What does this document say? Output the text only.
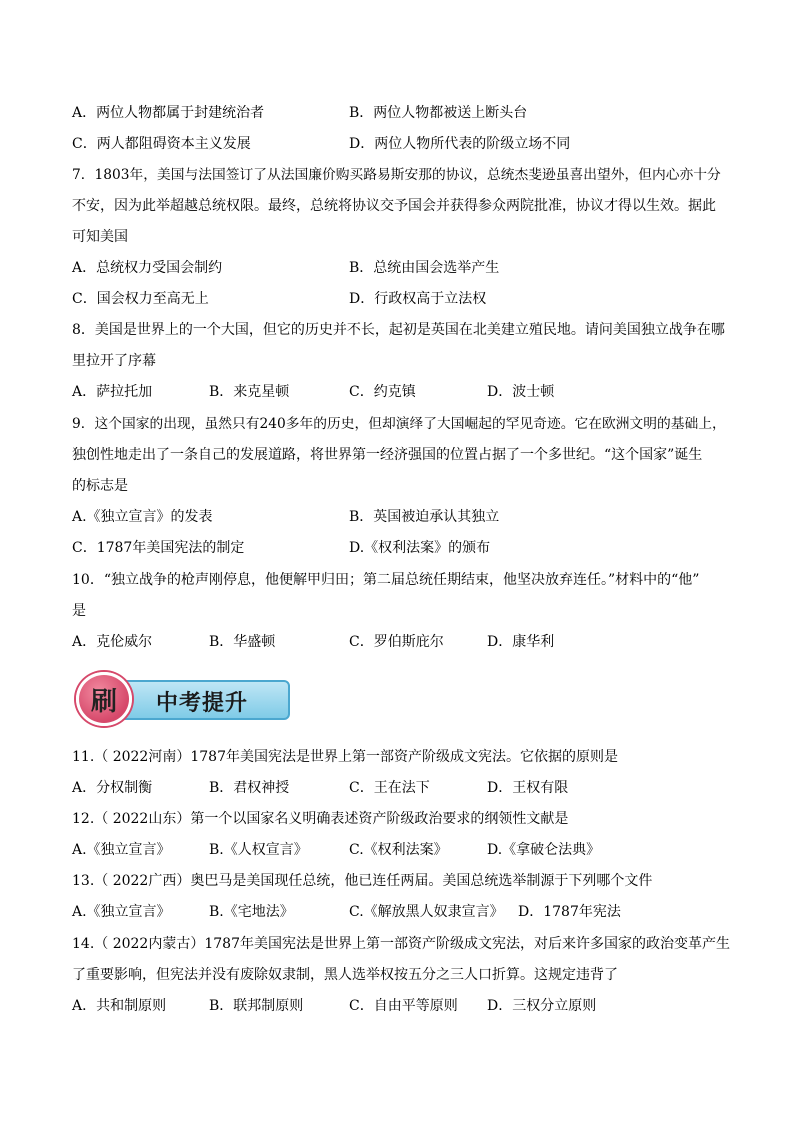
A．两位人物都属于封建统治者	B．两位人物都被送上断头台
C．两人都阻碍资本主义发展	D．两位人物所代表的阶级立场不同
7．1803年，美国与法国签订了从法国廉价购买路易斯安那的协议，总统杰斐逊虽喜出望外，但内心亦十分
不安，因为此举超越总统权限。最终，总统将协议交予国会并获得参众两院批准，协议才得以生效。据此
可知美国
A．总统权力受国会制约	B．总统由国会选举产生
C．国会权力至高无上	D．行政权高于立法权
8．美国是世界上的一个大国，但它的历史并不长，起初是英国在北美建立殖民地。请问美国独立战争在哪
里拉开了序幕
A．萨拉托加	B．来克星顿	C．约克镇	D．波士顿
9．这个国家的出现，虽然只有240多年的历史，但却演绎了大国崛起的罕见奇迹。它在欧洲文明的基础上，
独创性地走出了一条自己的发展道路，将世界第一经济强国的位置占据了一个多世纪。“这个国家”诞生
的标志是
A.《独立宣言》的发表	B．英国被迫承认其独立
C．1787年美国宪法的制定	D.《权利法案》的颁布
10．“独立战争的枪声刚停息，他便解甲归田；第二届总统任期结束，他坚决放弃连任。”材料中的“他”
是
A．克伦威尔	B．华盛顿	C．罗伯斯庇尔	D．康华利
刷 中考提升
11.（ 2022河南）1787年美国宪法是世界上第一部资产阶级成文宪法。它依据的原则是
A．分权制衡	B．君权神授	C．王在法下	D．王权有限
12.（ 2022山东）第一个以国家名义明确表述资产阶级政治要求的纲领性文献是
A.《独立宣言》	B.《人权宣言》	C.《权利法案》	D.《拿破仑法典》
13.（ 2022广西）奥巴马是美国现任总统，他已连任两届。美国总统选举制源于下列哪个文件
A.《独立宣言》	B.《宅地法》	C.《解放黑人奴隶宣言》 D．1787年宪法
14.（ 2022内蒙古）1787年美国宪法是世界上第一部资产阶级成文宪法，对后来许多国家的政治变革产生
了重要影响，但宪法并没有废除奴隶制，黑人选举权按五分之三人口折算。这规定违背了
A．共和制原则	B．联邦制原则	C．自由平等原则 D．三权分立原则
